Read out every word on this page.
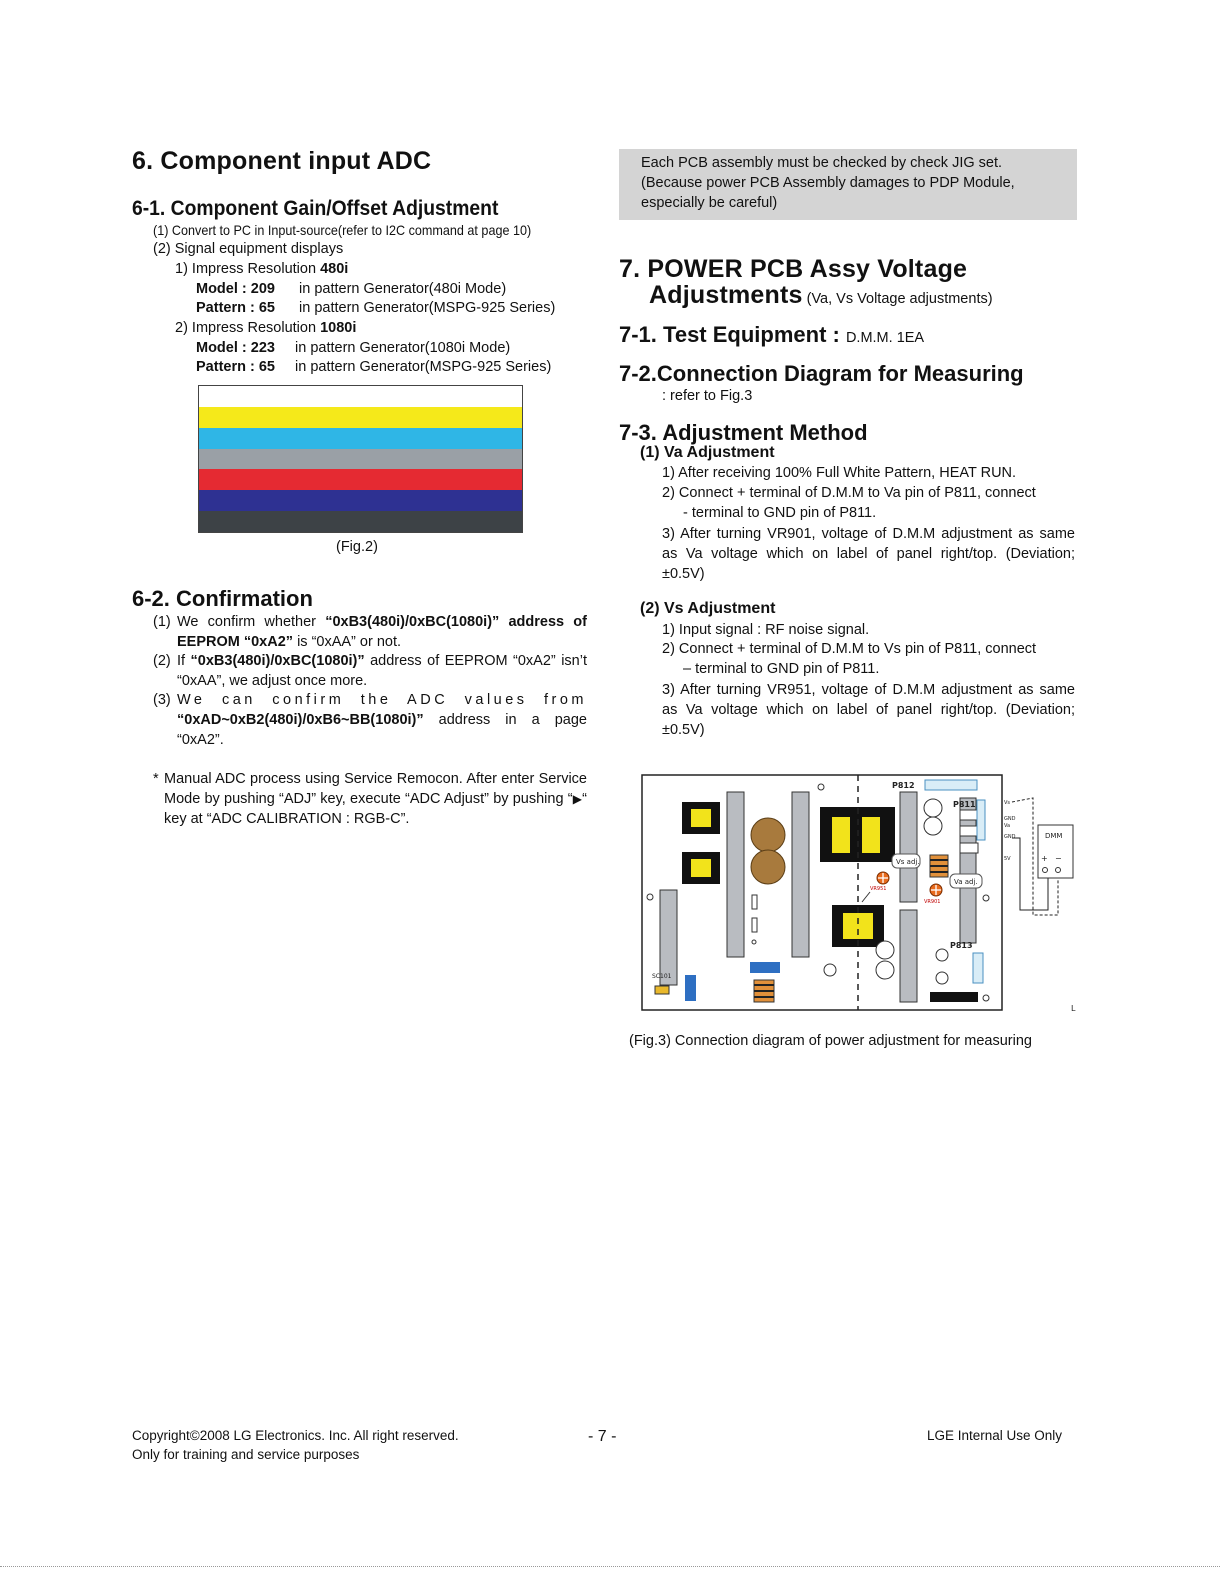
6. Component input ADC
6-1. Component Gain/Offset Adjustment
(1) Convert to PC in Input-source(refer to I2C command at page 10)
(2) Signal equipment displays
1) Impress Resolution 480i
Model : 209 in pattern Generator(480i Mode)
Pattern : 65 in pattern Generator(MSPG-925 Series)
2) Impress Resolution 1080i
Model : 223 in pattern Generator(1080i Mode)
Pattern : 65 in pattern Generator(MSPG-925 Series)
(Fig.2)
6-2. Confirmation
(1) We confirm whether “0xB3(480i)/0xBC(1080i)” address of EEPROM “0xA2” is “0xAA” or not.
(2) If “0xB3(480i)/0xBC(1080i)” address of EEPROM “0xA2” isn’t “0xAA”, we adjust once more.
(3) We can confirm the ADC values from “0xAD~0xB2(480i)/0xB6~BB(1080i)” address in a page “0xA2”.
* Manual ADC process using Service Remocon. After enter Service Mode by pushing “ADJ” key, execute “ADC Adjust” by pushing “▶“ key at “ADC CALIBRATION : RGB-C”.
Each PCB assembly must be checked by check JIG set.
(Because power PCB Assembly damages to PDP Module,
especially be careful)
7. POWER PCB Assy Voltage
Adjustments (Va, Vs Voltage adjustments)
7-1. Test Equipment : D.M.M. 1EA
7-2.Connection Diagram for Measuring
: refer to Fig.3
7-3. Adjustment Method
(1) Va Adjustment
1) After receiving 100% Full White Pattern, HEAT RUN.
2) Connect + terminal of D.M.M to Va pin of P811, connect
- terminal to GND pin of P811.
3) After turning VR901, voltage of D.M.M adjustment as same as Va voltage which on label of panel right/top. (Deviation; ±0.5V)
(2) Vs Adjustment
1) Input signal : RF noise signal.
2) Connect + terminal of D.M.M to Vs pin of P811, connect
– terminal to GND pin of P811.
3) After turning VR951, voltage of D.M.M adjustment as same as Va voltage which on label of panel right/top. (Deviation; ±0.5V)
SC101
P812
P811
P813
VR951
VR901
Vs adj.
Va adj.
Vs
GND
Va
GND
5V
DMM
+ −
L
(Fig.3) Connection diagram of power adjustment for measuring
Copyright©2008 LG Electronics. Inc. All right reserved.
Only for training and service purposes
- 7 -	LGE Internal Use Only
